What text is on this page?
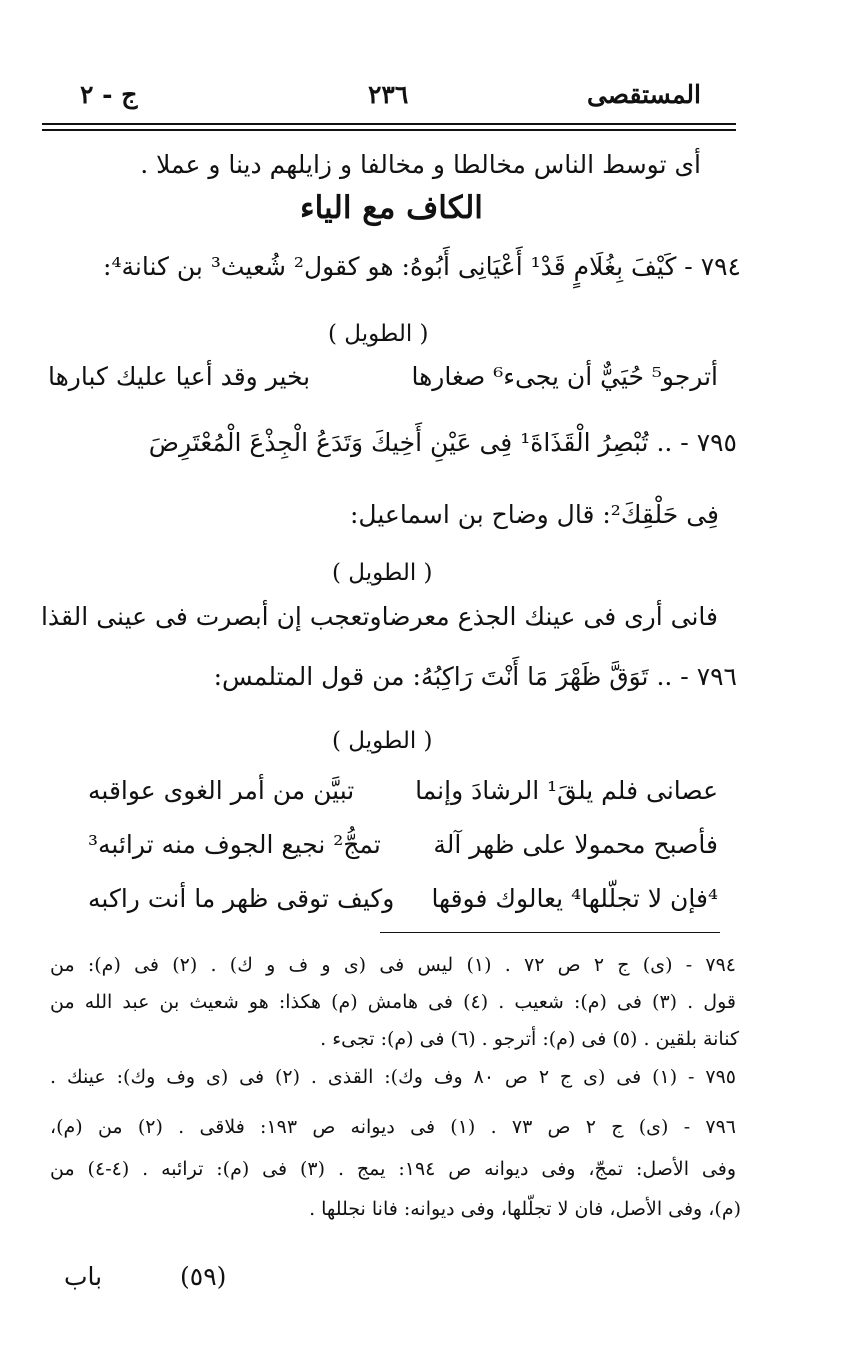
المستقصى
٢٣٦
ج - ٢
أى توسط الناس مخالطا و مخالفا و زايلهم دينا و عملا .
الكاف مع الياء
٧٩٤ - كَيْفَ بِغُلَامٍ قَدْ¹ أَعْيَانِى أَبُوهُ: هو كقول² شُعيث³ بن كنانة⁴:
( الطويل )
أترجو⁵ حُيَيٌّ أن يجىء⁶ صغارها
بخير وقد أعيا عليك كبارها
٧٩٥ - .. تُبْصِرُ الْقَذَاةَ¹ فِى عَيْنِ أَخِيكَ وَتَدَعُ الْجِذْعَ الْمُعْتَرِضَ
فِى حَلْقِكَ²: قال وضاح بن اسماعيل:
( الطويل )
فانى أرى فى عينك الجذع معرضا
وتعجب إن أبصرت فى عينى القذا
٧٩٦ - .. تَوَقَّ ظَهْرَ مَا أَنْتَ رَاكِبُهُ: من قول المتلمس:
( الطويل )
عصانى فلم يلقَ¹ الرشادَ وإنما
تبيَّن من أمر الغوى عواقبه
فأصبح محمولا على ظهر آلة
تمجُّ² نجيع الجوف منه ترائبه³
⁴فإن لا تجلّلها⁴ يعالوك فوقها
وكيف توقى ظهر ما أنت راكبه
٧٩٤ - (ى) ج ٢ ص ٧٢ . (١) ليس فى (ى و ف و ك) . (٢) فى (م): من
قول . (٣) فى (م): شعيب . (٤) فى هامش (م) هكذا: هو شعيث بن عبد الله من
كنانة بلقين . (٥) فى (م): أترجو . (٦) فى (م): تجىء .
٧٩٥ - (١) فى (ى ج ٢ ص ٨٠ وف وك): القذى . (٢) فى (ى وف وك): عينك .
٧٩٦ - (ى) ج ٢ ص ٧٣ . (١) فى ديوانه ص ١٩٣: فلاقى . (٢) من (م)،
وفى الأصل: تمجّ، وفى ديوانه ص ١٩٤: يمج . (٣) فى (م): ترائبه . (٤-٤) من
(م)، وفى الأصل، فان لا تجلّلها، وفى ديوانه: فانا نجللها .
(٥٩)
باب
